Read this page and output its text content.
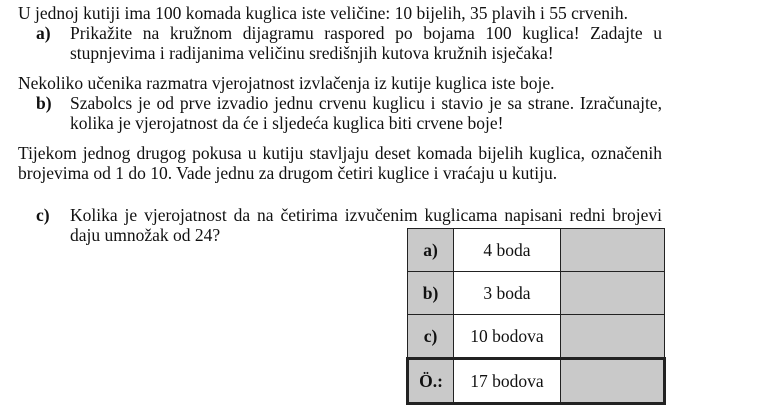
U jednoj kutiji ima 100 komada kuglica iste veličine: 10 bijelih, 35 plavih i 55 crvenih.
a) Prikažite na kružnom dijagramu raspored po bojama 100 kuglica! Zadajte u stupnjevima i radijanima veličinu središnjih kutova kružnih isječaka!
Nekoliko učenika razmatra vjerojatnost izvlačenja iz kutije kuglica iste boje.
b) Szabolcs je od prve izvadio jednu crvenu kuglicu i stavio je sa strane. Izračunajte, kolika je vjerojatnost da će i sljedeća kuglica biti crvene boje!
Tijekom jednog drugog pokusa u kutiju stavljaju deset komada bijelih kuglica, označenih brojevima od 1 do 10. Vade jednu za drugom četiri kuglice i vraćaju u kutiju.
c) Kolika je vjerojatnost da na četirima izvučenim kuglicama napisani redni brojevi daju umnožak od 24?
a)	4 boda	
b)	3 boda	
c)	10 bodova	
Ö.:	17 bodova	
